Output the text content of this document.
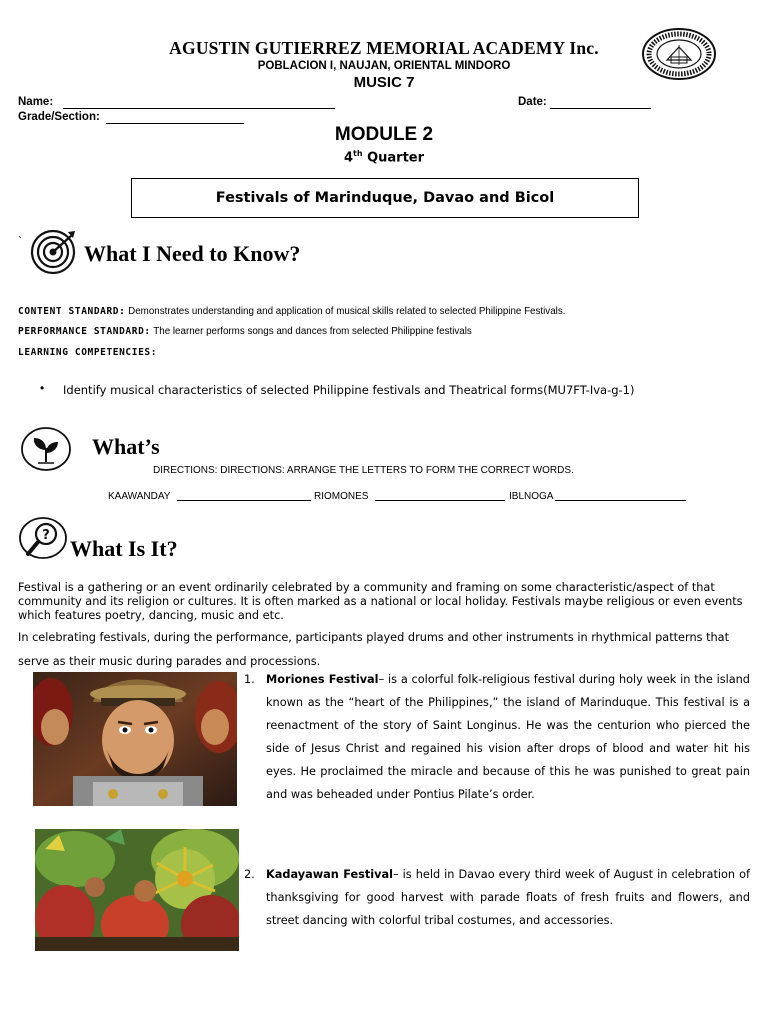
AGUSTIN GUTIERREZ MEMORIAL ACADEMY Inc.
POBLACION I, NAUJAN, ORIENTAL MINDORO
MUSIC 7
Name:	Date:
Grade/Section:
MODULE 2
4th Quarter
Festivals of Marinduque, Davao and Bicol
`	What I Need to Know?
CONTENT STANDARD: Demonstrates understanding and application of musical skills related to selected Philippine Festivals.
PERFORMANCE STANDARD: The learner performs songs and dances from selected Philippine festivals
LEARNING COMPETENCIES:
• Identify musical characteristics of selected Philippine festivals and Theatrical forms(MU7FT-Iva-g-1)
What’s
DIRECTIONS: DIRECTIONS: ARRANGE THE LETTERS TO FORM THE CORRECT WORDS.
KAAWANDAY	RIOMONES	IBLNOGA
?
What Is It?
Festival is a gathering or an event ordinarily celebrated by a community and framing on some characteristic/aspect of that community and its religion or cultures. It is often marked as a national or local holiday. Festivals maybe religious or even events which features poetry, dancing, music and etc.
In celebrating festivals, during the performance, participants played drums and other instruments in rhythmical patterns that serve as their music during parades and processions.
1. Moriones Festival– is a colorful folk-religious festival during holy week in the island known as the “heart of the Philippines,” the island of Marinduque. This festival is a reenactment of the story of Saint Longinus. He was the centurion who pierced the side of Jesus Christ and regained his vision after drops of blood and water hit his eyes. He proclaimed the miracle and because of this he was punished to great pain and was beheaded under Pontius Pilate’s order.
2. Kadayawan Festival– is held in Davao every third week of August in celebration of thanksgiving for good harvest with parade floats of fresh fruits and flowers, and street dancing with colorful tribal costumes, and accessories.
